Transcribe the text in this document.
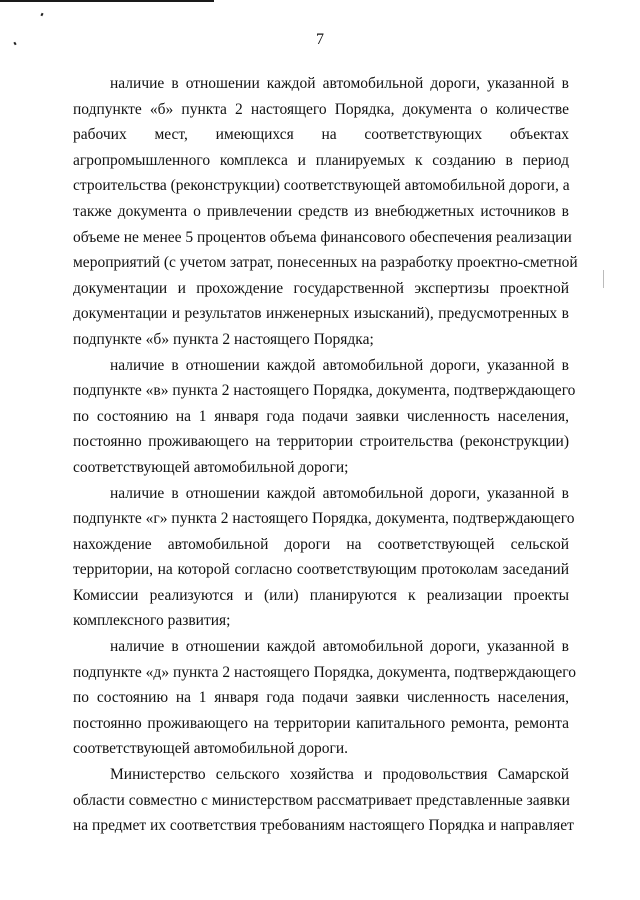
7
наличие в отношении каждой автомобильной дороги, указанной в
подпункте «б» пункта 2 настоящего Порядка, документа о количестве
рабочих мест, имеющихся на соответствующих объектах
агропромышленного комплекса и планируемых к созданию в период
строительства (реконструкции) соответствующей автомобильной дороги, а
также документа о привлечении средств из внебюджетных источников в
объеме не менее 5 процентов объема финансового обеспечения реализации
мероприятий (с учетом затрат, понесенных на разработку проектно-сметной
документации и прохождение государственной экспертизы проектной
документации и результатов инженерных изысканий), предусмотренных в
подпункте «б» пункта 2 настоящего Порядка;
наличие в отношении каждой автомобильной дороги, указанной в
подпункте «в» пункта 2 настоящего Порядка, документа, подтверждающего
по состоянию на 1 января года подачи заявки численность населения,
постоянно проживающего на территории строительства (реконструкции)
соответствующей автомобильной дороги;
наличие в отношении каждой автомобильной дороги, указанной в
подпункте «г» пункта 2 настоящего Порядка, документа, подтверждающего
нахождение автомобильной дороги на соответствующей сельской
территории, на которой согласно соответствующим протоколам заседаний
Комиссии реализуются и (или) планируются к реализации проекты
комплексного развития;
наличие в отношении каждой автомобильной дороги, указанной в
подпункте «д» пункта 2 настоящего Порядка, документа, подтверждающего
по состоянию на 1 января года подачи заявки численность населения,
постоянно проживающего на территории капитального ремонта, ремонта
соответствующей автомобильной дороги.
Министерство сельского хозяйства и продовольствия Самарской
области совместно с министерством рассматривает представленные заявки
на предмет их соответствия требованиям настоящего Порядка и направляет
